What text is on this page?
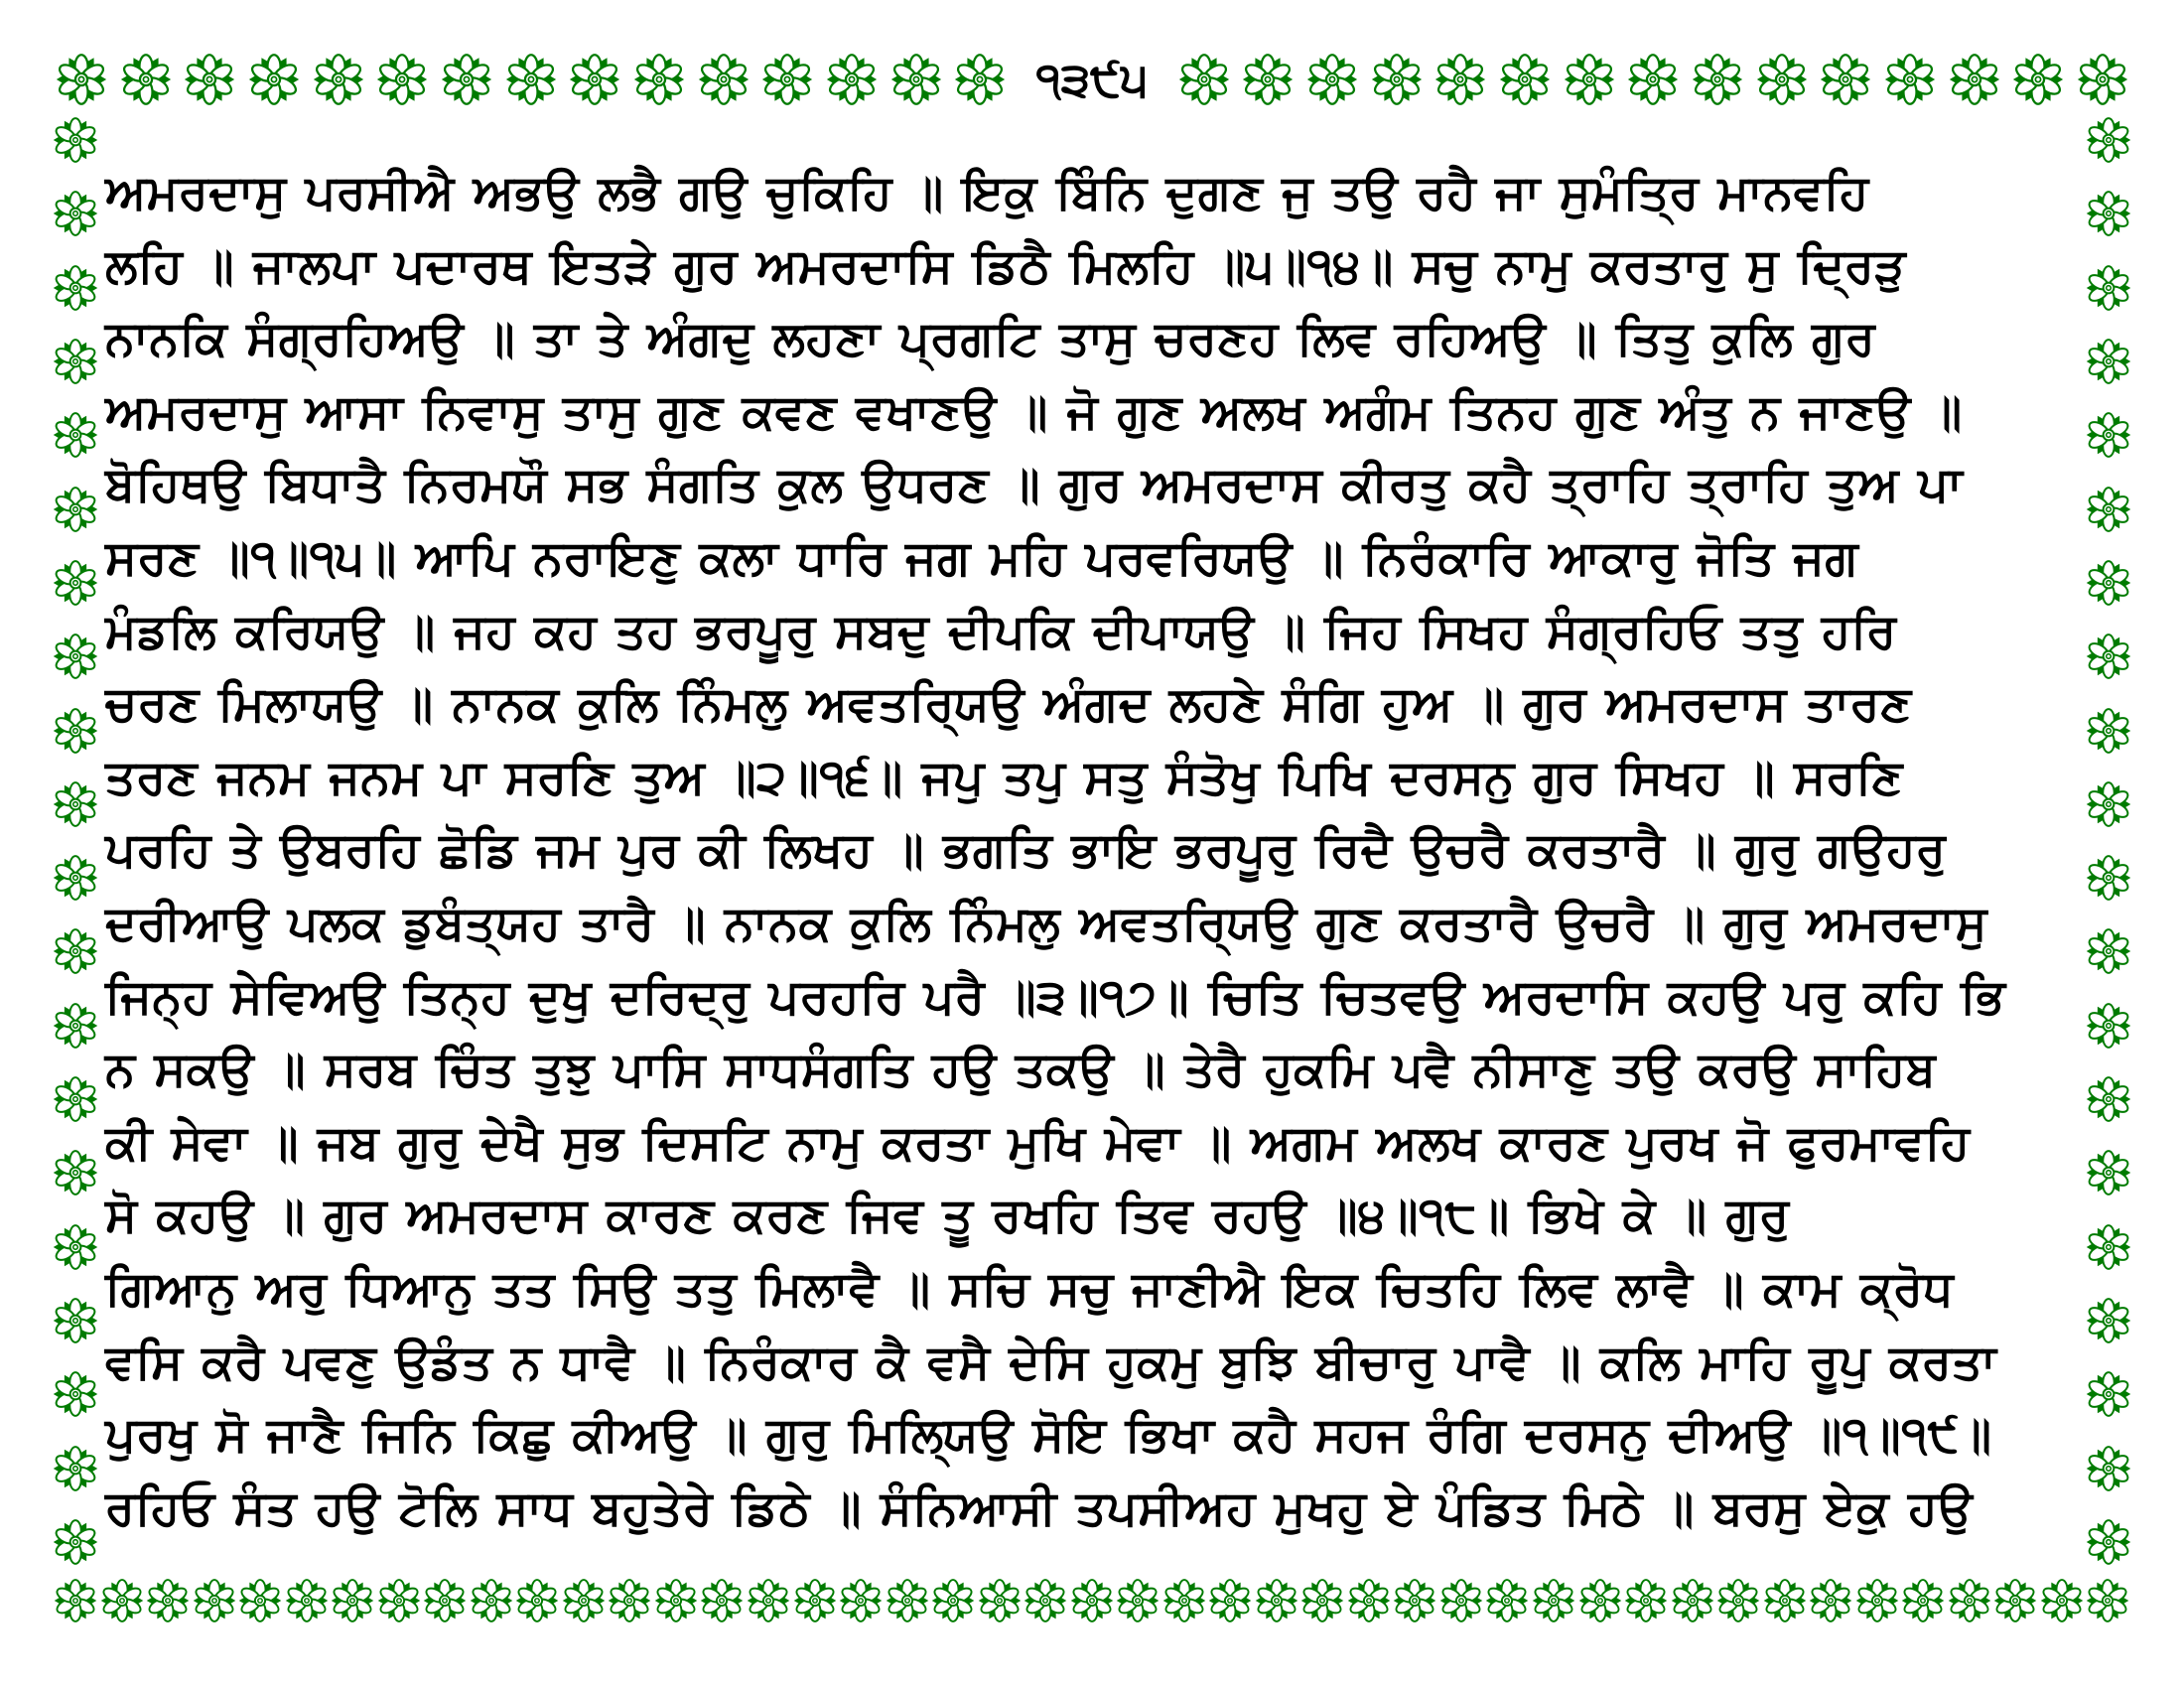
੧੩੯੫
ਅਮਰਦਾਸੁ ਪਰਸੀਐ ਅਭਉ ਲਭੈ ਗਉ ਚੁਕਿਹਿ ॥ ਇਕੁ ਬਿੰਨਿ ਦੁਗਣ ਜੁ ਤਉ ਰਹੈ ਜਾ ਸੁਮੰਤ੍ਰਿ ਮਾਨਵਹਿ
ਲਹਿ ॥ ਜਾਲਪਾ ਪਦਾਰਥ ਇਤੜੇ ਗੁਰ ਅਮਰਦਾਸਿ ਡਿਠੈ ਮਿਲਹਿ ॥੫॥੧੪॥ ਸਚੁ ਨਾਮੁ ਕਰਤਾਰੁ ਸੁ ਦ੍ਰਿੜੁ
ਨਾਨਕਿ ਸੰਗ੍ਰਹਿਅਉ ॥ ਤਾ ਤੇ ਅੰਗਦੁ ਲਹਣਾ ਪ੍ਰਗਟਿ ਤਾਸੁ ਚਰਣਹ ਲਿਵ ਰਹਿਅਉ ॥ ਤਿਤੁ ਕੁਲਿ ਗੁਰ
ਅਮਰਦਾਸੁ ਆਸਾ ਨਿਵਾਸੁ ਤਾਸੁ ਗੁਣ ਕਵਣ ਵਖਾਣਉ ॥ ਜੋ ਗੁਣ ਅਲਖ ਅਗੰਮ ਤਿਨਹ ਗੁਣ ਅੰਤੁ ਨ ਜਾਣਉ ॥
ਬੋਹਿਥਉ ਬਿਧਾਤੈ ਨਿਰਮਯੌ ਸਭ ਸੰਗਤਿ ਕੁਲ ਉਧਰਣ ॥ ਗੁਰ ਅਮਰਦਾਸ ਕੀਰਤੁ ਕਹੈ ਤ੍ਰਾਹਿ ਤ੍ਰਾਹਿ ਤੁਅ ਪਾ
ਸਰਣ ॥੧॥੧੫॥ ਆਪਿ ਨਰਾਇਣੁ ਕਲਾ ਧਾਰਿ ਜਗ ਮਹਿ ਪਰਵਰਿਯਉ ॥ ਨਿਰੰਕਾਰਿ ਆਕਾਰੁ ਜੋਤਿ ਜਗ
ਮੰਡਲਿ ਕਰਿਯਉ ॥ ਜਹ ਕਹ ਤਹ ਭਰਪੂਰੁ ਸਬਦੁ ਦੀਪਕਿ ਦੀਪਾਯਉ ॥ ਜਿਹ ਸਿਖਹ ਸੰਗ੍ਰਹਿਓ ਤਤੁ ਹਰਿ
ਚਰਣ ਮਿਲਾਯਉ ॥ ਨਾਨਕ ਕੁਲਿ ਨਿੰਮਲੁ ਅਵਤਰ੍ਯਿਉ ਅੰਗਦ ਲਹਣੇ ਸੰਗਿ ਹੁਅ ॥ ਗੁਰ ਅਮਰਦਾਸ ਤਾਰਣ
ਤਰਣ ਜਨਮ ਜਨਮ ਪਾ ਸਰਣਿ ਤੁਅ ॥੨॥੧੬॥ ਜਪੁ ਤਪੁ ਸਤੁ ਸੰਤੋਖੁ ਪਿਖਿ ਦਰਸਨੁ ਗੁਰ ਸਿਖਹ ॥ ਸਰਣਿ
ਪਰਹਿ ਤੇ ਉਬਰਹਿ ਛੋਡਿ ਜਮ ਪੁਰ ਕੀ ਲਿਖਹ ॥ ਭਗਤਿ ਭਾਇ ਭਰਪੂਰੁ ਰਿਦੈ ਉਚਰੈ ਕਰਤਾਰੈ ॥ ਗੁਰੁ ਗਉਹਰੁ
ਦਰੀਆਉ ਪਲਕ ਡੁਬੰਤ੍ਯਹ ਤਾਰੈ ॥ ਨਾਨਕ ਕੁਲਿ ਨਿੰਮਲੁ ਅਵਤਰ੍ਯਿਉ ਗੁਣ ਕਰਤਾਰੈ ਉਚਰੈ ॥ ਗੁਰੁ ਅਮਰਦਾਸੁ
ਜਿਨ੍ਹ ਸੇਵਿਅਉ ਤਿਨ੍ਹ ਦੁਖੁ ਦਰਿਦ੍ਰੁ ਪਰਹਰਿ ਪਰੈ ॥੩॥੧੭॥ ਚਿਤਿ ਚਿਤਵਉ ਅਰਦਾਸਿ ਕਹਉ ਪਰੁ ਕਹਿ ਭਿ
ਨ ਸਕਉ ॥ ਸਰਬ ਚਿੰਤ ਤੁਝੁ ਪਾਸਿ ਸਾਧਸੰਗਤਿ ਹਉ ਤਕਉ ॥ ਤੇਰੈ ਹੁਕਮਿ ਪਵੈ ਨੀਸਾਣੁ ਤਉ ਕਰਉ ਸਾਹਿਬ
ਕੀ ਸੇਵਾ ॥ ਜਬ ਗੁਰੁ ਦੇਖੈ ਸੁਭ ਦਿਸਟਿ ਨਾਮੁ ਕਰਤਾ ਮੁਖਿ ਮੇਵਾ ॥ ਅਗਮ ਅਲਖ ਕਾਰਣ ਪੁਰਖ ਜੋ ਫੁਰਮਾਵਹਿ
ਸੋ ਕਹਉ ॥ ਗੁਰ ਅਮਰਦਾਸ ਕਾਰਣ ਕਰਣ ਜਿਵ ਤੂ ਰਖਹਿ ਤਿਵ ਰਹਉ ॥੪॥੧੮॥ ਭਿਖੇ ਕੇ ॥ ਗੁਰੁ
ਗਿਆਨੁ ਅਰੁ ਧਿਆਨੁ ਤਤ ਸਿਉ ਤਤੁ ਮਿਲਾਵੈ ॥ ਸਚਿ ਸਚੁ ਜਾਣੀਐ ਇਕ ਚਿਤਹਿ ਲਿਵ ਲਾਵੈ ॥ ਕਾਮ ਕ੍ਰੋਧ
ਵਸਿ ਕਰੈ ਪਵਣੁ ਉਡੰਤ ਨ ਧਾਵੈ ॥ ਨਿਰੰਕਾਰ ਕੈ ਵਸੈ ਦੇਸਿ ਹੁਕਮੁ ਬੁਝਿ ਬੀਚਾਰੁ ਪਾਵੈ ॥ ਕਲਿ ਮਾਹਿ ਰੂਪੁ ਕਰਤਾ
ਪੁਰਖੁ ਸੋ ਜਾਣੈ ਜਿਨਿ ਕਿਛੁ ਕੀਅਉ ॥ ਗੁਰੁ ਮਿਲ੍ਯਿਉ ਸੋਇ ਭਿਖਾ ਕਹੈ ਸਹਜ ਰੰਗਿ ਦਰਸਨੁ ਦੀਅਉ ॥੧॥੧੯॥
ਰਹਿਓ ਸੰਤ ਹਉ ਟੋਲਿ ਸਾਧ ਬਹੁਤੇਰੇ ਡਿਠੇ ॥ ਸੰਨਿਆਸੀ ਤਪਸੀਅਹ ਮੁਖਹੁ ਏ ਪੰਡਿਤ ਮਿਠੇ ॥ ਬਰਸੁ ਏਕੁ ਹਉ
